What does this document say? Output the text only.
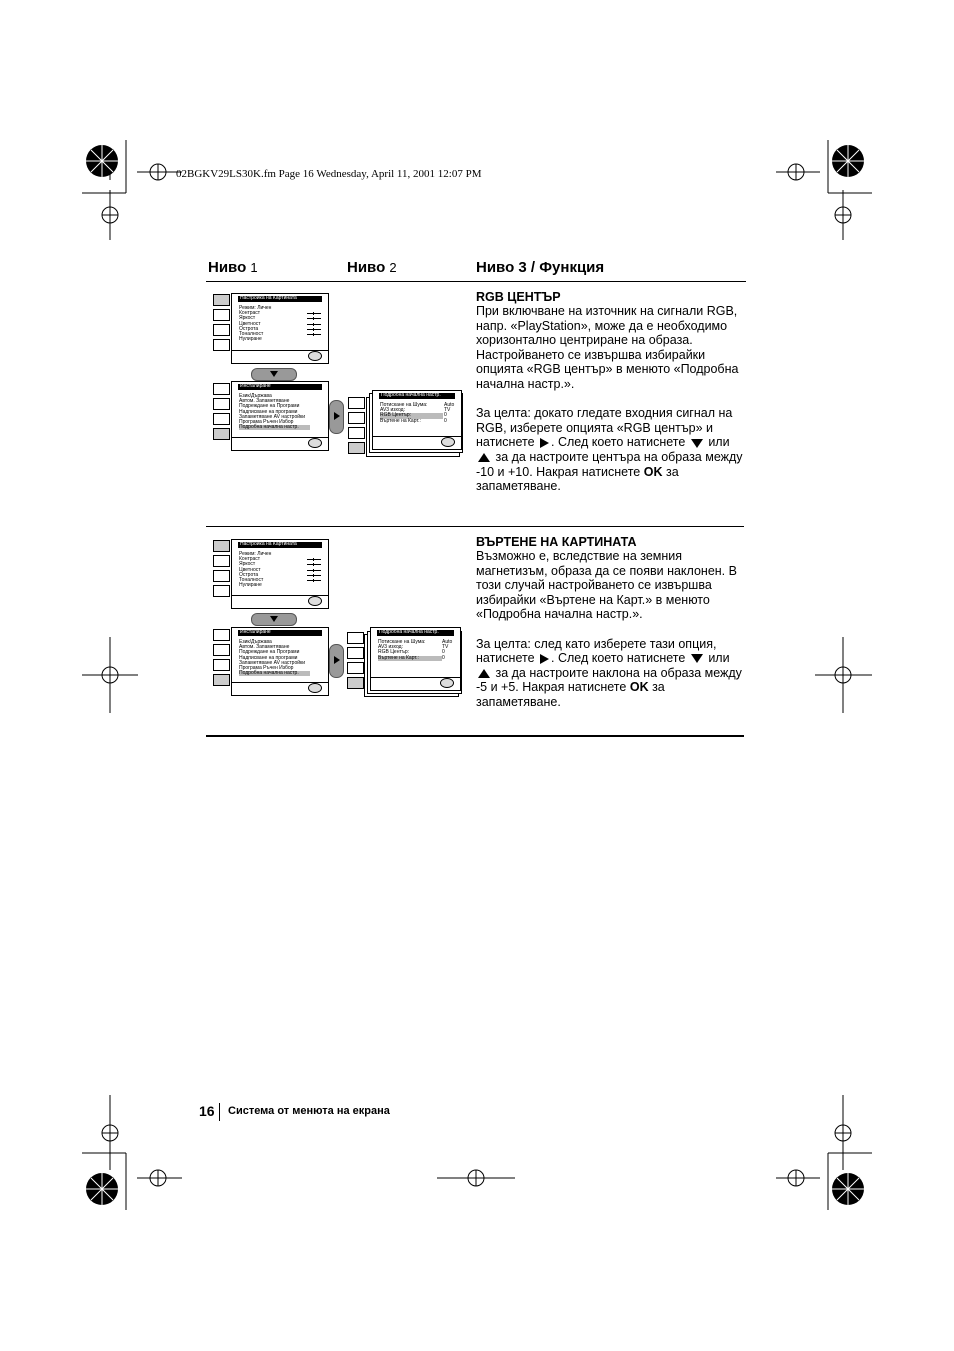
02BGKV29LS30K.fm Page 16 Wednesday, April 11, 2001 12:07 PM
Ниво 1	Ниво 2	Ниво 3 / Функция
Настройка на Картината
Режим: Личен
Контраст
Яркост
Цветност
Острота
Тоналност
Нулиране
Инсталиране
Език/Държава
Автом. Запаметяване
Подреждане на Програми
Надписване на програми
Запаметяване AV настройки
Програма Ръчен Избор
Подробна начална настр.
Подробна начална настр.
Потискане на Шума:	Auto
AV3 изход:	TV
RGB Център:	0
Въртене на Карт.:	0
RGB ЦЕНТЪР

При включване на източник на сигнали RGB, напр. «PlayStation», може да е необходимо хоризонтално центриране на образа. Настройването се извършва избирайки опцията «RGB център» в менюто «Подробна начална настр.».

За целта: докато гледате входния сигнал на RGB, изберете опцията «RGB център» и натиснете . След което натиснете или  за да настроите центъра на образа между -10 и +10. Накрая натиснете OK за запаметяване.

Настройка на Картината
Режим: Личен
Контраст
Яркост
Цветност
Острота
Тоналност
Нулиране
Инсталиране
Език/Държава
Автом. Запаметяване
Подреждане на Програми
Надписване на програми
Запаметяване AV настройки
Програма Ръчен Избор
Подробна начална настр.
Подробна начална настр.
Потискане на Шума:	Auto
AV3 изход:	TV
RGB Център:	0
Въртене на Карт.:	0
ВЪРТЕНЕ НА КАРТИНАТА

Възможно е, вследствие на земния магнетизъм, образа да се появи наклонен. В този случай настройването се извършва избирайки «Въртене на Карт.» в менюто «Подробна начална настр.».

За целта: след като изберете тази опция, натиснете . След което натиснете или  за да настроите наклона на образа между -5 и +5. Накрая натиснете OK за запаметяване.

16 Система от менюта на екрана
